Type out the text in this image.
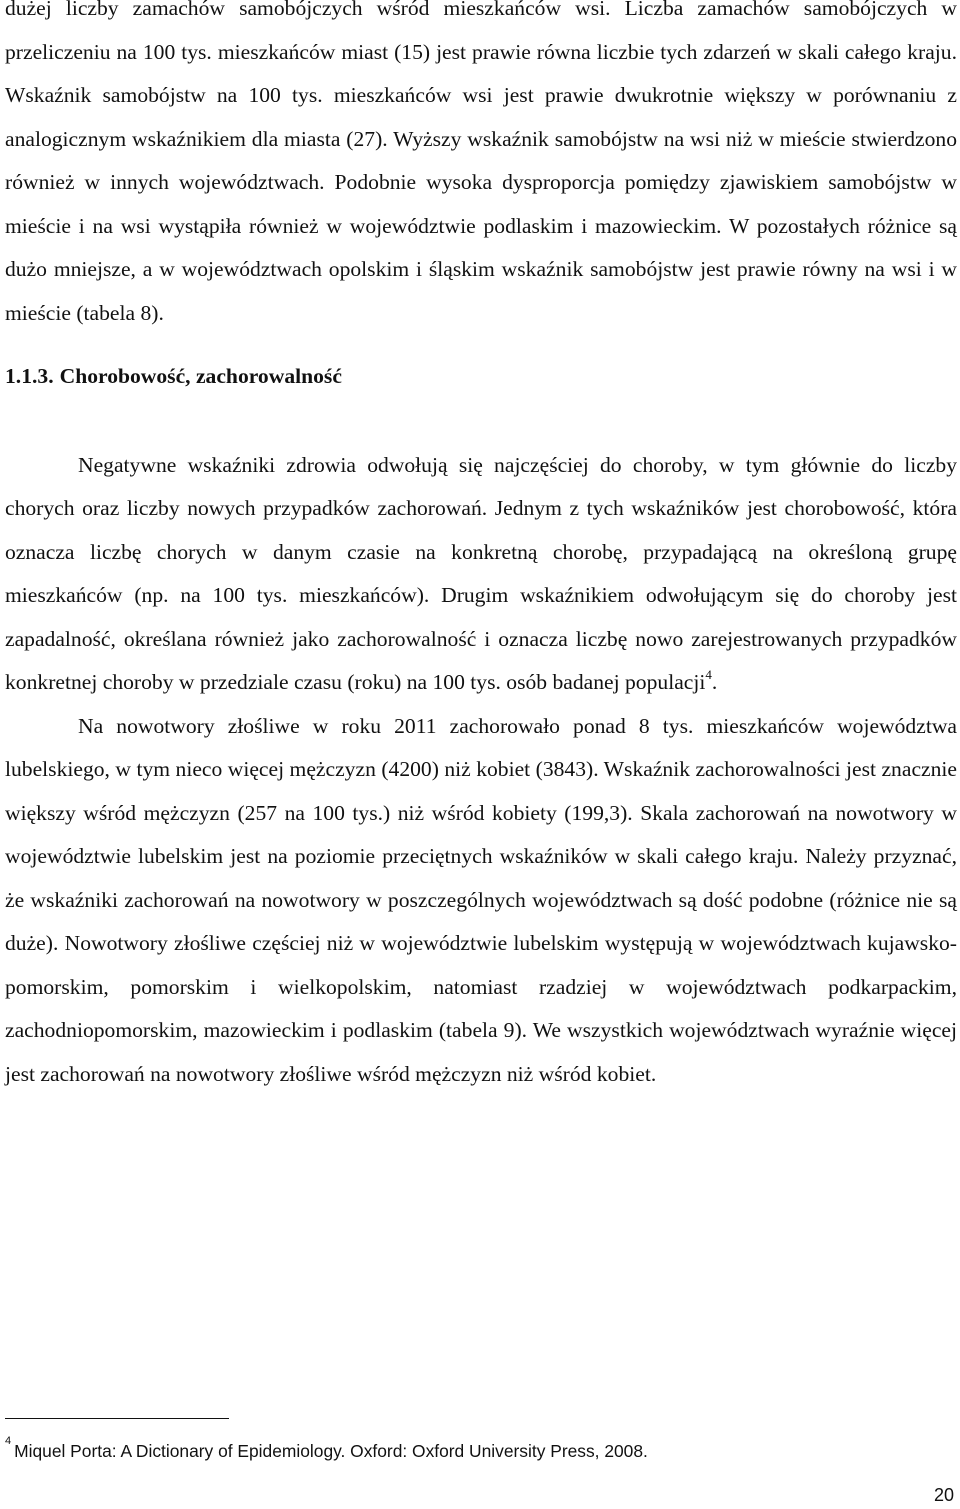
dużej liczby zamachów samobójczych wśród mieszkańców wsi. Liczba zamachów samobójczych w przeliczeniu na 100 tys. mieszkańców miast (15) jest prawie równa liczbie tych zdarzeń w skali całego kraju. Wskaźnik samobójstw na 100 tys. mieszkańców wsi jest prawie dwukrotnie większy w porównaniu z analogicznym wskaźnikiem dla miasta (27). Wyższy wskaźnik samobójstw na wsi niż w mieście stwierdzono również w innych województwach. Podobnie wysoka dysproporcja pomiędzy zjawiskiem samobójstw w mieście i na wsi wystąpiła również w województwie podlaskim i mazowieckim. W pozostałych różnice są dużo mniejsze, a w województwach opolskim i śląskim wskaźnik samobójstw jest prawie równy na wsi i w mieście (tabela 8).

1.1.3. Chorobowość, zachorowalność

Negatywne wskaźniki zdrowia odwołują się najczęściej do choroby, w tym głównie do liczby chorych oraz liczby nowych przypadków zachorowań. Jednym z tych wskaźników jest chorobowość, która oznacza liczbę chorych w danym czasie na konkretną chorobę, przypadającą na określoną grupę mieszkańców (np. na 100 tys. mieszkańców). Drugim wskaźnikiem odwołującym się do choroby jest zapadalność, określana również jako zachorowalność i oznacza liczbę nowo zarejestrowanych przypadków konkretnej choroby w przedziale czasu (roku) na 100 tys. osób badanej populacji$^4$.

Na nowotwory złośliwe w roku 2011 zachorowało ponad 8 tys. mieszkańców województwa lubelskiego, w tym nieco więcej mężczyzn (4200) niż kobiet (3843). Wskaźnik zachorowalności jest znacznie większy wśród mężczyzn (257 na 100 tys.) niż wśród kobiety (199,3). Skala zachorowań na nowotwory w województwie lubelskim jest na poziomie przeciętnych wskaźników w skali całego kraju. Należy przyznać, że wskaźniki zachorowań na nowotwory w poszczególnych województwach są dość podobne (różnice nie są duże). Nowotwory złośliwe częściej niż w województwie lubelskim występują w województwach kujawsko-pomorskim, pomorskim i wielkopolskim, natomiast rzadziej w województwach podkarpackim, zachodniopomorskim, mazowieckim i podlaskim (tabela 9). We wszystkich województwach wyraźnie więcej jest zachorowań na nowotwory złośliwe wśród mężczyzn niż wśród kobiet.

$^4$ Miquel Porta: A Dictionary of Epidemiology. Oxford: Oxford University Press, 2008.

20
